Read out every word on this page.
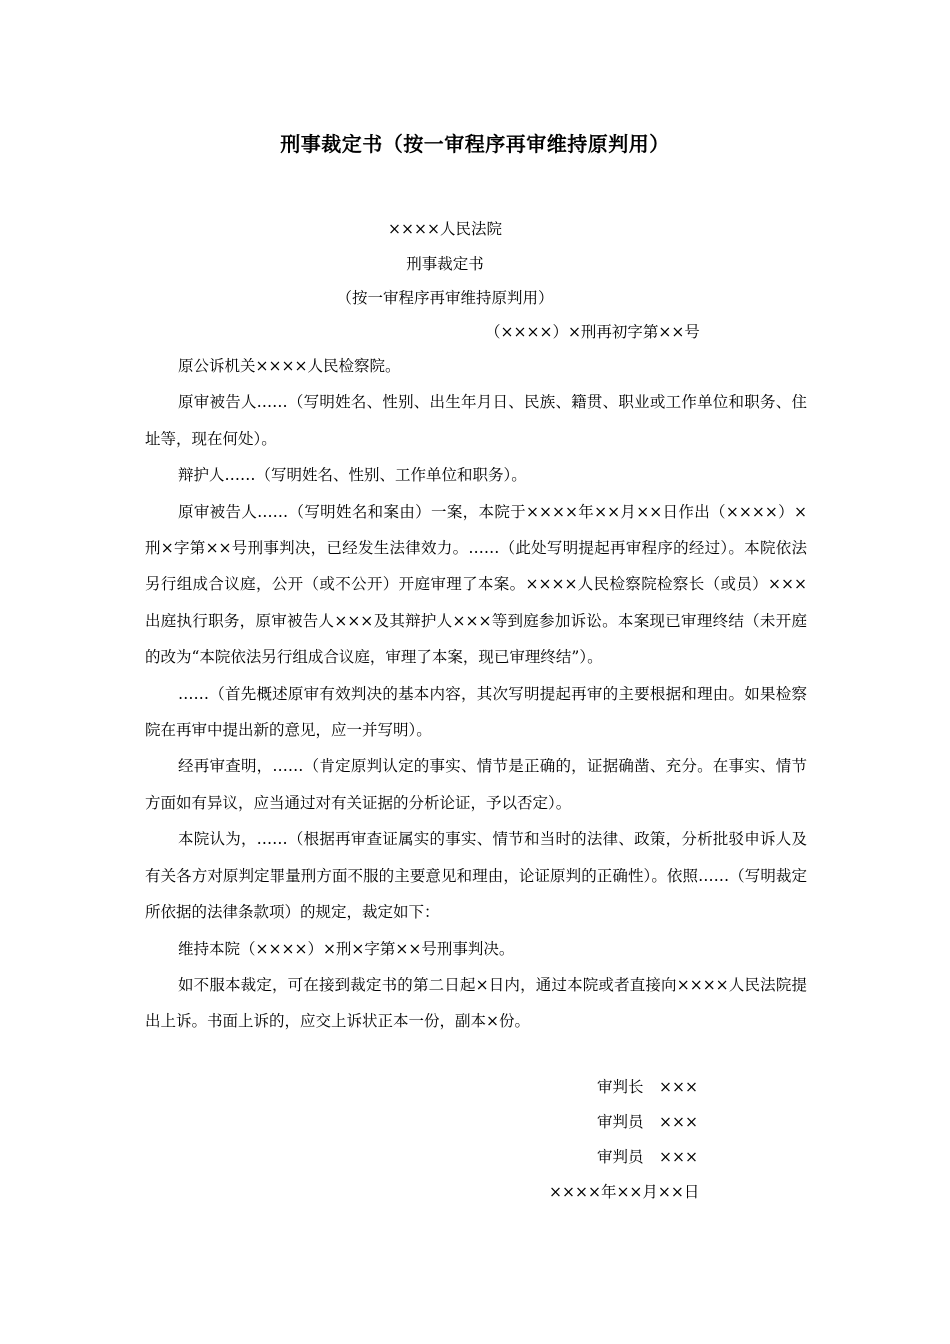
刑事裁定书（按一审程序再审维持原判用）
××××人民法院
刑事裁定书
（按一审程序再审维持原判用）
（××××）×刑再初字第××号

原公诉机关××××人民检察院。

原审被告人……（写明姓名、性别、出生年月日、民族、籍贯、职业或工作单位和职务、住址等，现在何处）。

辩护人……（写明姓名、性别、工作单位和职务）。

原审被告人……（写明姓名和案由）一案，本院于××××年××月××日作出（××××）×刑×字第××号刑事判决，已经发生法律效力。……（此处写明提起再审程序的经过）。本院依法另行组成合议庭，公开（或不公开）开庭审理了本案。××××人民检察院检察长（或员）×××出庭执行职务，原审被告人×××及其辩护人×××等到庭参加诉讼。本案现已审理终结（未开庭的改为“本院依法另行组成合议庭，审理了本案，现已审理终结”）。

……（首先概述原审有效判决的基本内容，其次写明提起再审的主要根据和理由。如果检察院在再审中提出新的意见，应一并写明）。

经再审查明，……（肯定原判认定的事实、情节是正确的，证据确凿、充分。在事实、情节方面如有异议，应当通过对有关证据的分析论证，予以否定）。

本院认为，……（根据再审查证属实的事实、情节和当时的法律、政策，分析批驳申诉人及有关各方对原判定罪量刑方面不服的主要意见和理由，论证原判的正确性）。依照……（写明裁定所依据的法律条款项）的规定，裁定如下：

维持本院（××××）×刑×字第××号刑事判决。

如不服本裁定，可在接到裁定书的第二日起×日内，通过本院或者直接向××××人民法院提出上诉。书面上诉的，应交上诉状正本一份，副本×份。

审判长　×××
审判员　×××
审判员　×××
××××年××月××日
